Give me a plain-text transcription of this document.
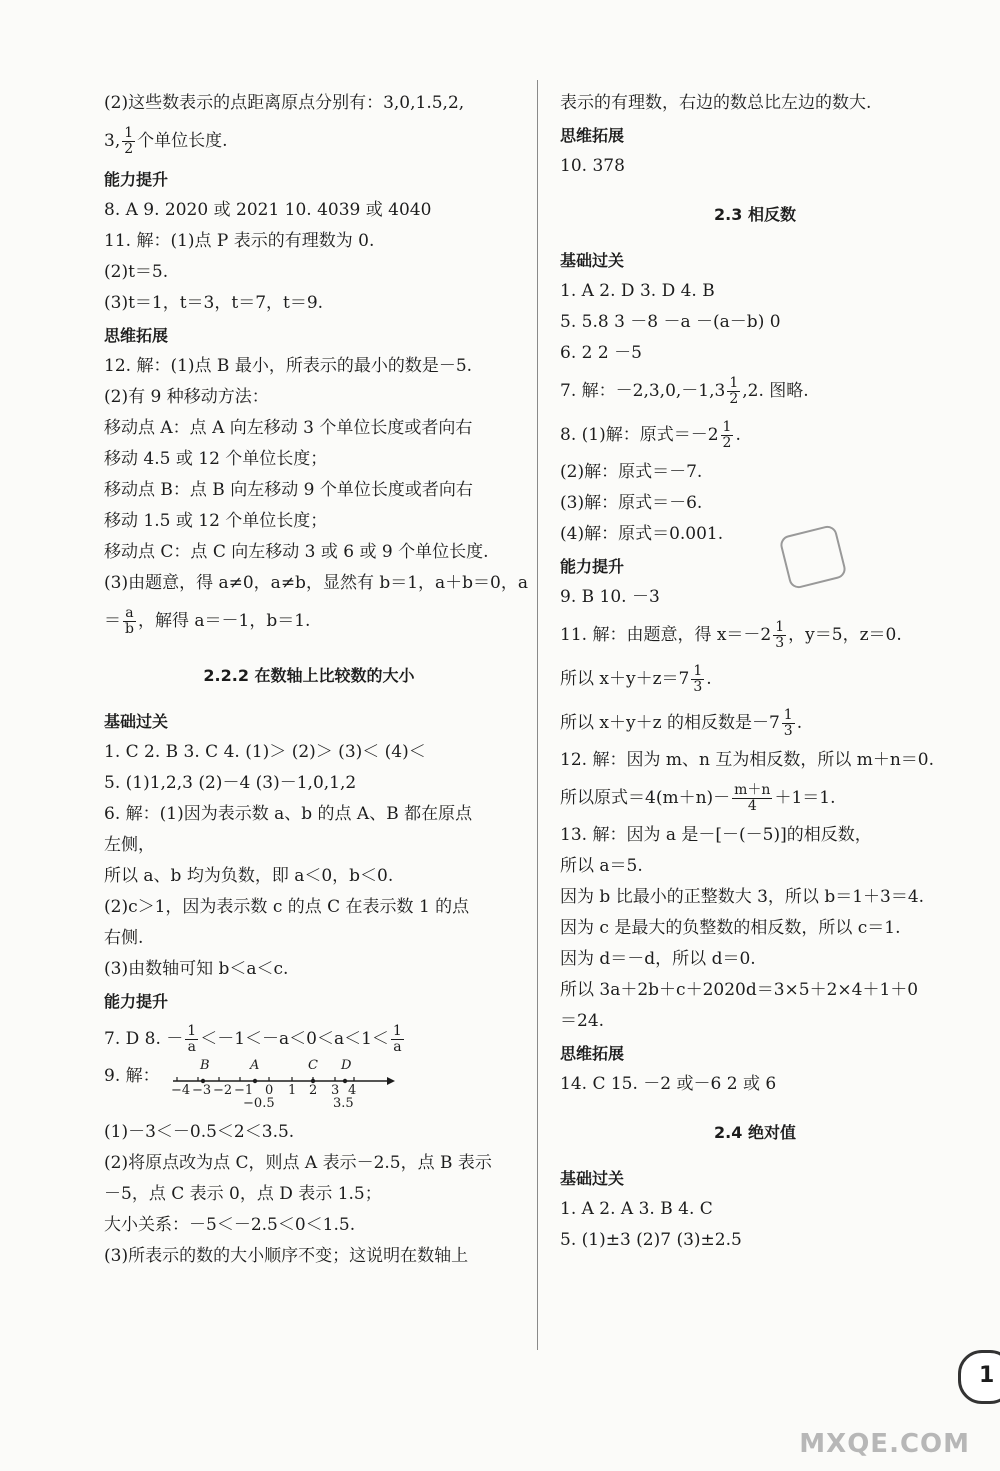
(2)这些数表示的点距离原点分别有：3,0,1.5,2,
3, $\frac{1}{2}$ 个单位长度.
能力提升
8. A 9. 2020 或 2021 10. 4039 或 4040
11. 解：(1)点 P 表示的有理数为 0.
(2)t＝5.
(3)t＝1，t＝3，t＝7，t＝9.
思维拓展
12. 解：(1)点 B 最小，所表示的最小的数是－5.
(2)有 9 种移动方法：
移动点 A：点 A 向左移动 3 个单位长度或者向右
移动 4.5 或 12 个单位长度；
移动点 B：点 B 向左移动 9 个单位长度或者向右
移动 1.5 或 12 个单位长度；
移动点 C：点 C 向左移动 3 或 6 或 9 个单位长度.
(3)由题意，得 a≠0，a≠b，显然有 b＝1，a＋b＝0，a
＝ $\frac{a}{b}$ ，解得 a＝－1，b＝1.
2.2.2 在数轴上比较数的大小
基础过关
1. C 2. B 3. C 4. (1)＞ (2)＞ (3)＜ (4)＜
5. (1)1,2,3 (2)－4 (3)－1,0,1,2
6. 解：(1)因为表示数 a、b 的点 A、B 都在原点
左侧，
所以 a、b 均为负数，即 a＜0，b＜0.
(2)c＞1，因为表示数 c 的点 C 在表示数 1 的点
右侧.
(3)由数轴可知 b＜a＜c.
能力提升
7. D 8. － $\frac{1}{a} <-1<-a<0<a<1< \frac{1}{a}$
9. 解：
B	A	C D
−4 −3 −2 −1 0 1 2 3 4
−0.5	3.5
(1)－3＜－0.5＜2＜3.5.
(2)将原点改为点 C，则点 A 表示－2.5，点 B 表示
－5，点 C 表示 0，点 D 表示 1.5；
大小关系：－5＜－2.5＜0＜1.5.
(3)所表示的数的大小顺序不变；这说明在数轴上
表示的有理数，右边的数总比左边的数大.
思维拓展
10. 378
2.3 相反数
基础过关
1. A 2. D 3. D 4. B
5. 5.8 3 －8 －a －(a－b) 0
6. 2 2 －5
7. 解：$-2,3,0,-1,3 \frac{1}{2} ,2$. 图略.
8. (1)解：原式$=-2 \frac{1}{2}$ .
(2)解：原式＝－7.
(3)解：原式＝－6.
(4)解：原式＝0.001.
能力提升
9. B 10. －3
11. 解：由题意，得 $x=-2 \frac{1}{3}$ ，y＝5，z＝0.
所以 $x+y+z=7 \frac{1}{3}$ .
所以 x＋y＋z 的相反数是$-7 \frac{1}{3}$ .
12. 解：因为 m、n 互为相反数，所以 m＋n＝0.
所以原式$=4(m+n)- \frac{m+n}{4} +1=1$.
13. 解：因为 a 是－[－(－5)]的相反数，
所以 a＝5.
因为 b 比最小的正整数大 3，所以 b＝1＋3＝4.
因为 c 是最大的负整数的相反数，所以 c＝1.
因为 d＝－d，所以 d＝0.
所以 3a＋2b＋c＋2020d＝3×5＋2×4＋1＋0
＝24.
思维拓展
14. C 15. －2 或－6 2 或 6
2.4 绝对值
基础过关
1. A 2. A 3. B 4. C
5. (1)±3 (2)7 (3)±2.5
1
MXQE.COM
